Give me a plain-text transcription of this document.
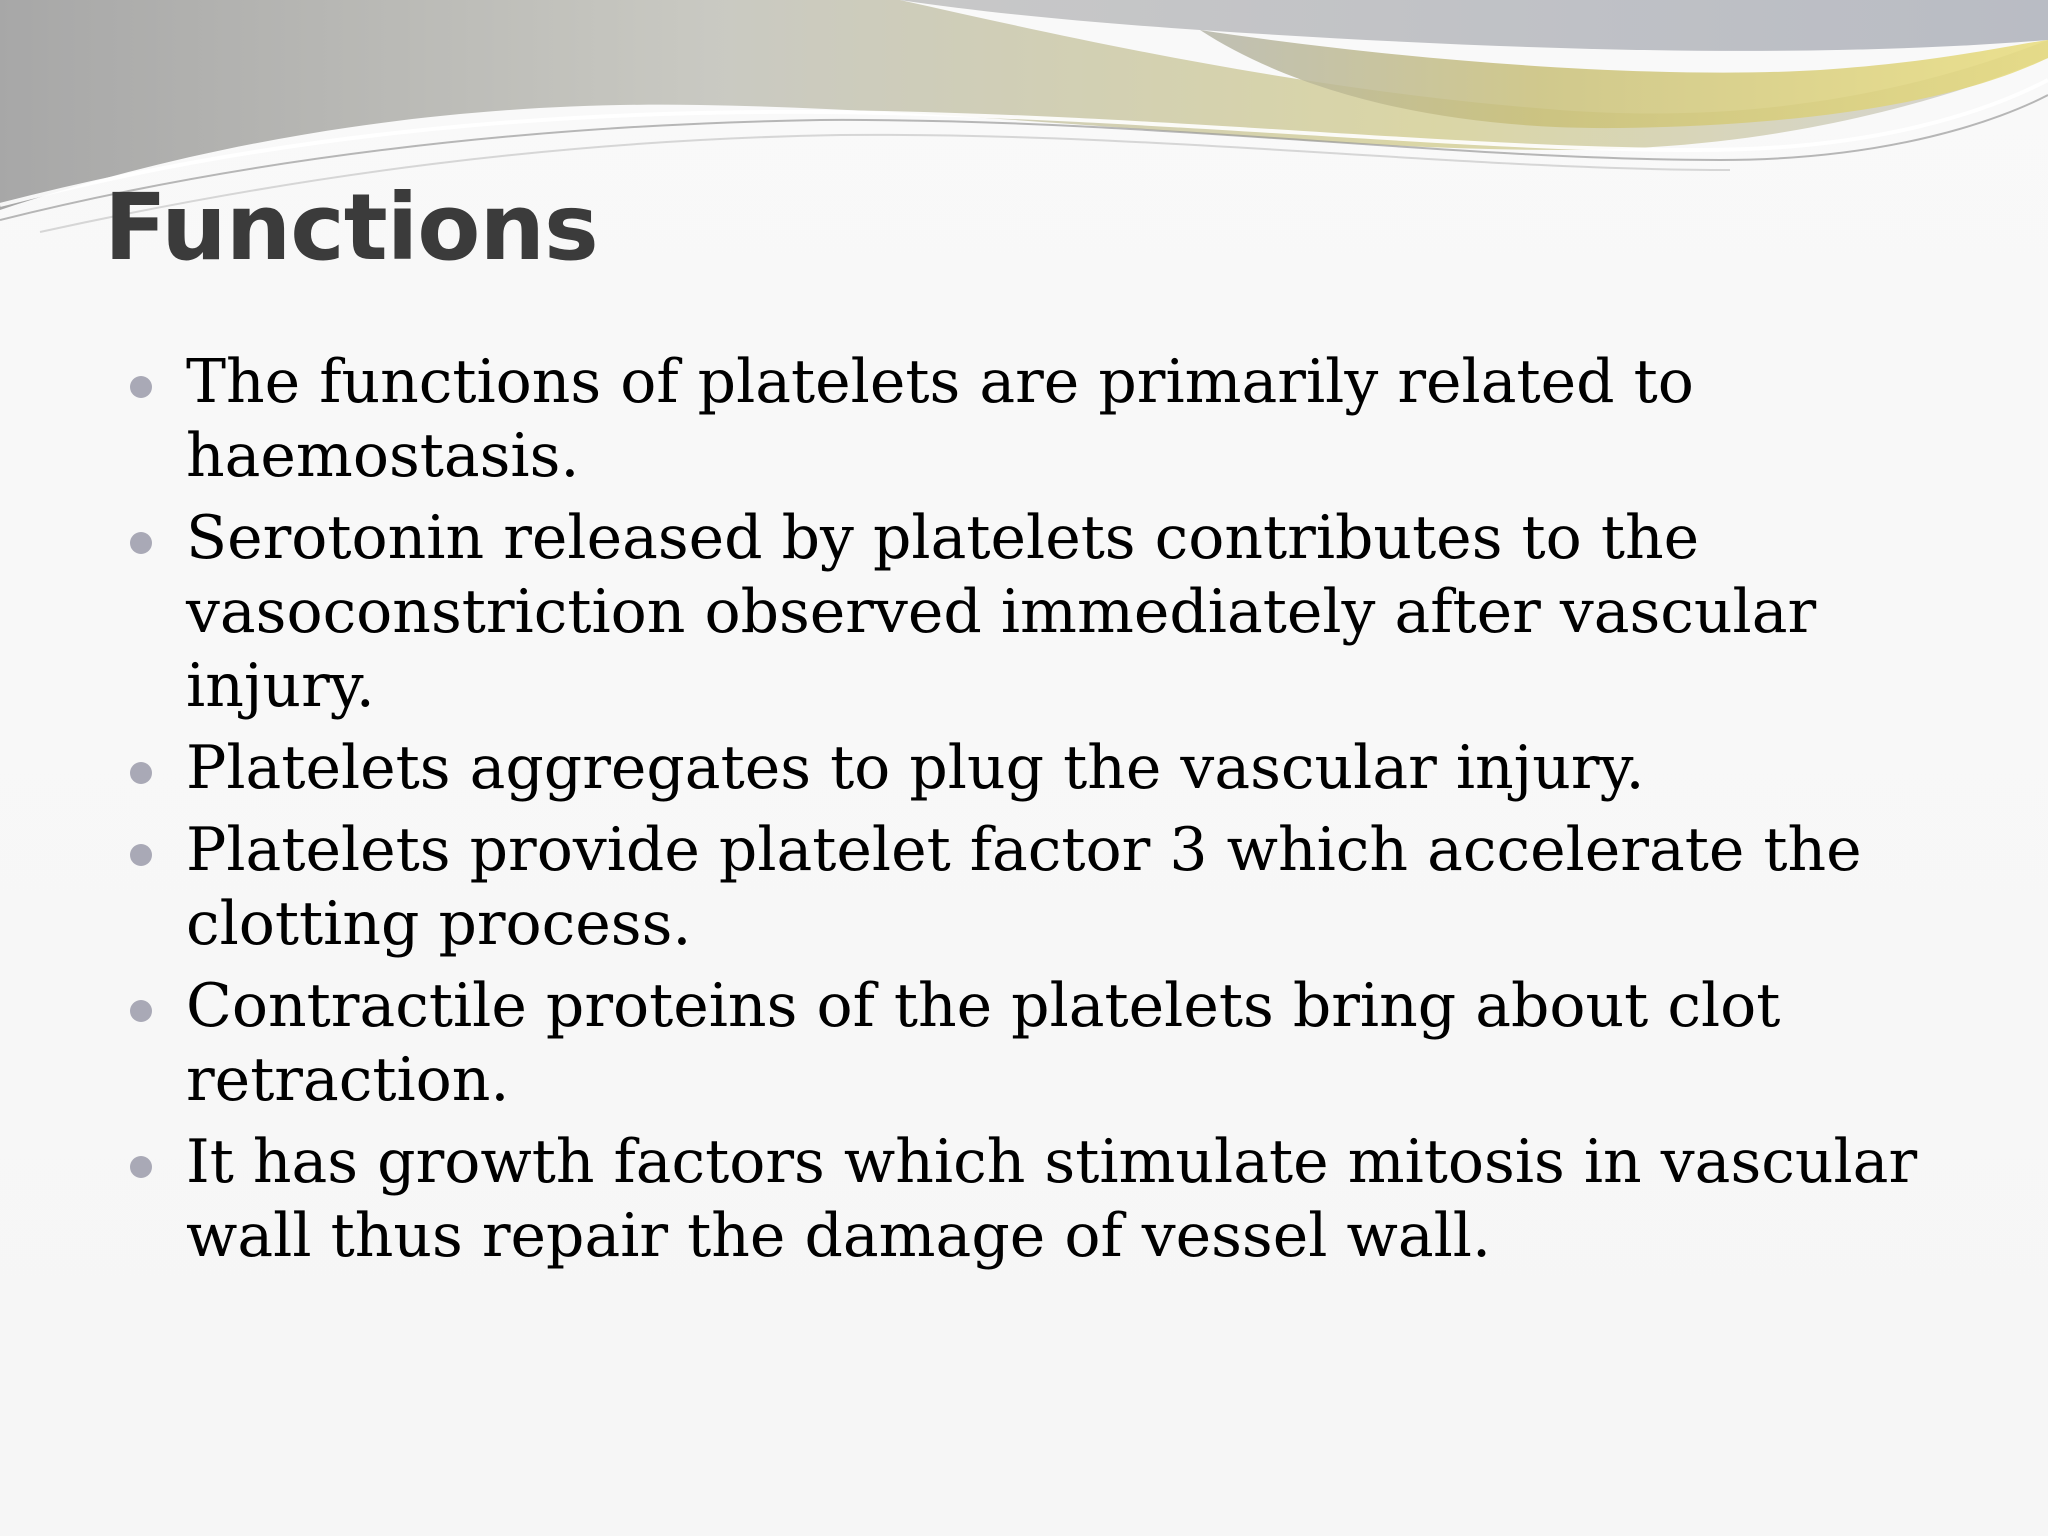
Functions
The functions of platelets are primarily related to haemostasis.
Serotonin released by platelets contributes to the vasoconstriction observed immediately after vascular injury.
Platelets aggregates to plug the vascular injury.
Platelets provide platelet factor 3 which accelerate the clotting process.
Contractile proteins of the platelets bring about clot retraction.
It has growth factors which stimulate mitosis in vascular wall thus repair the damage of vessel wall.
